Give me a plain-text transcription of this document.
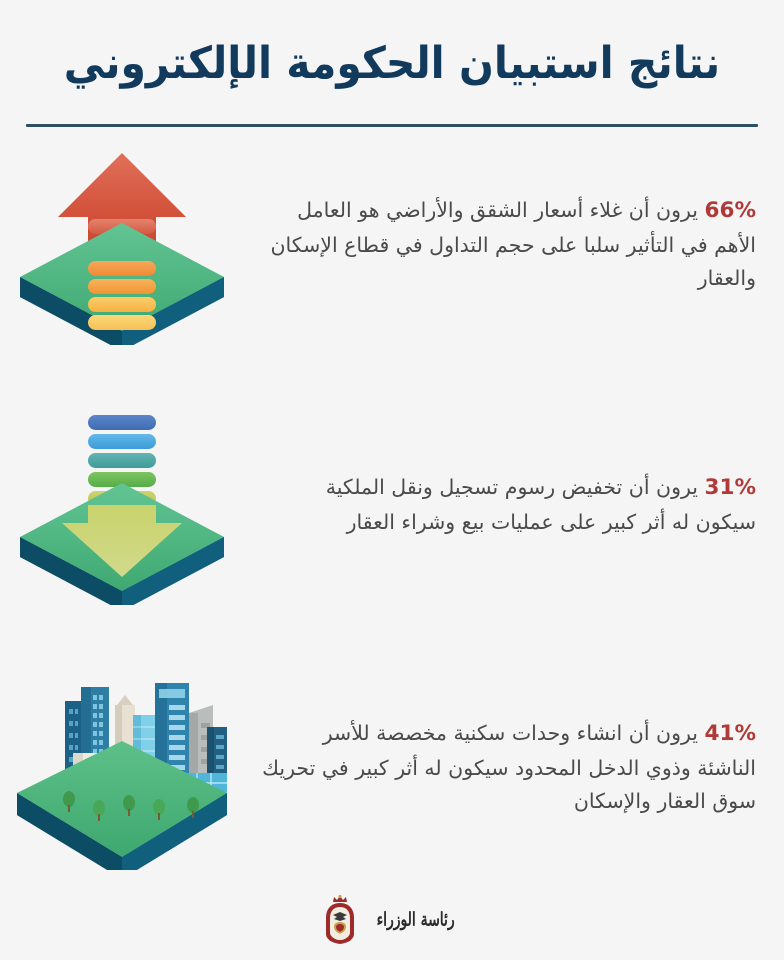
نتائج استبيان الحكومة الإلكتروني
66% يرون أن غلاء أسعار الشقق والأراضي هو العامل الأهم في التأثير سلبا على حجم التداول في قطاع الإسكان والعقار
31% يرون أن تخفيض رسوم تسجيل ونقل الملكية سيكون له أثر كبير على عمليات بيع وشراء العقار
41% يرون أن انشاء وحدات سكنية مخصصة للأسر الناشئة وذوي الدخل المحدود سيكون له أثر كبير في تحريك سوق العقار والإسكان
رئاسة الوزراء
